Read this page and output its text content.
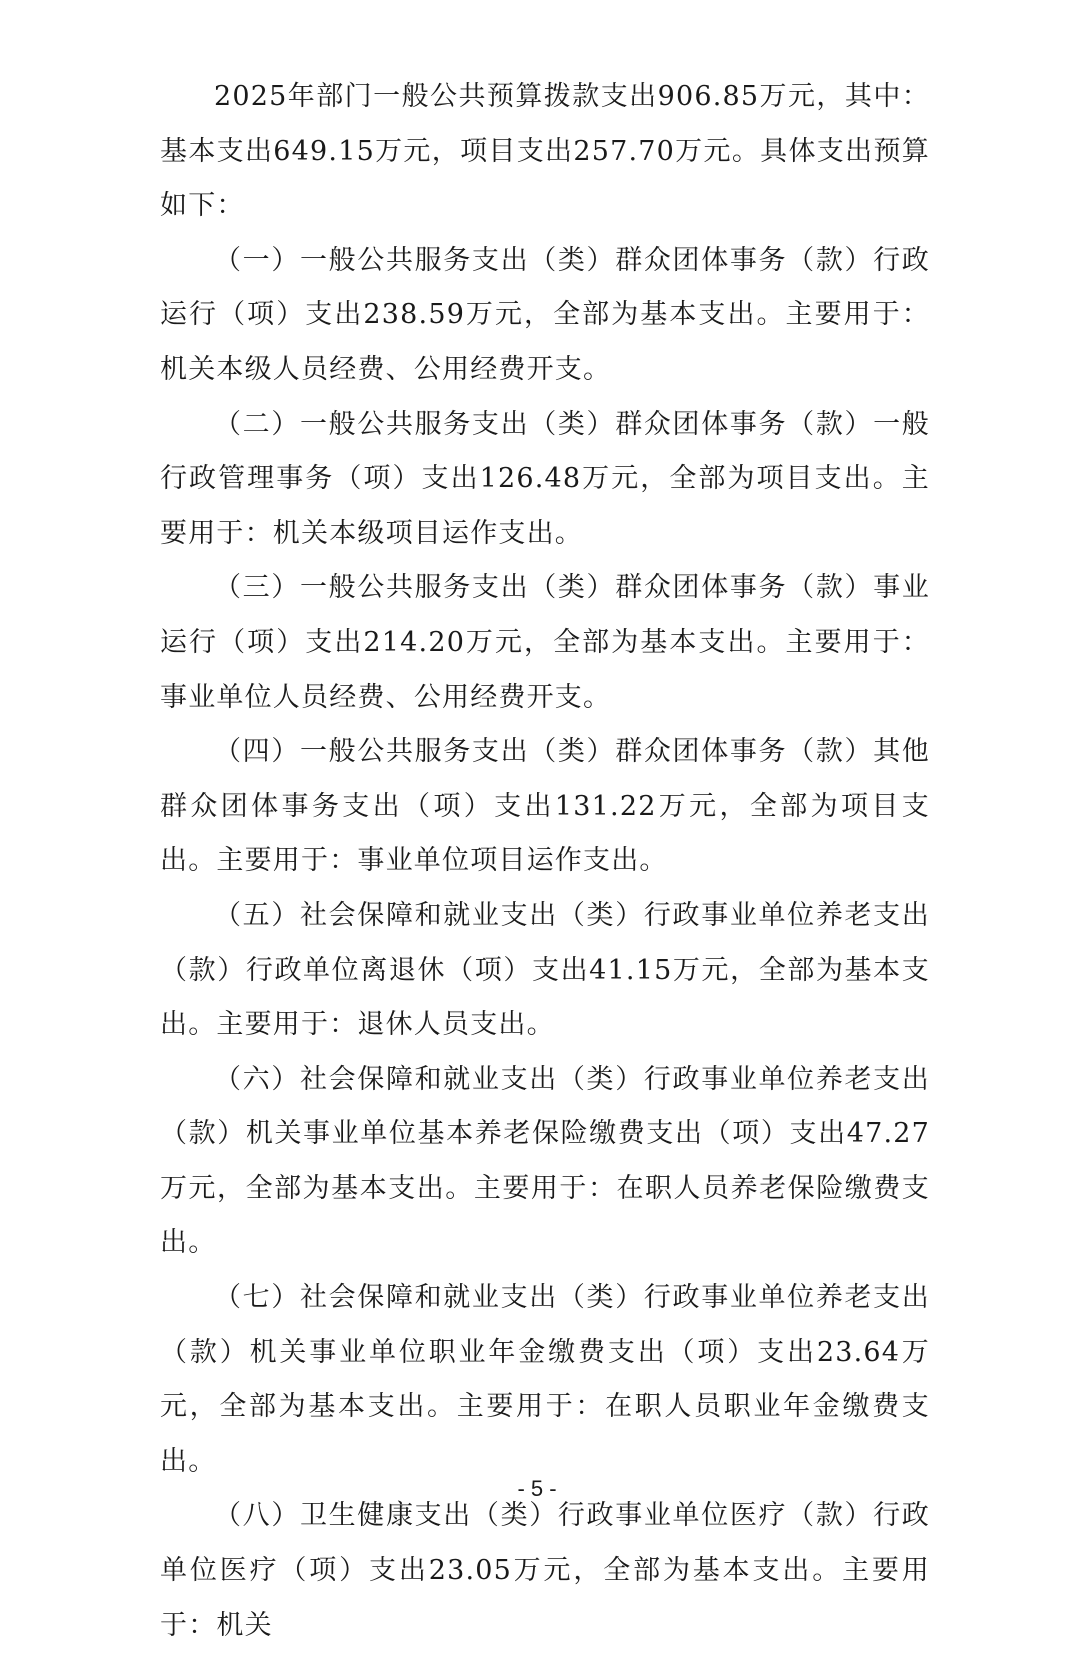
2025年部门一般公共预算拨款支出906.85万元，其中：基本支出649.15万元，项目支出257.70万元。具体支出预算如下：

（一）一般公共服务支出（类）群众团体事务（款）行政运行（项）支出238.59万元，全部为基本支出。主要用于：机关本级人员经费、公用经费开支。

（二）一般公共服务支出（类）群众团体事务（款）一般行政管理事务（项）支出126.48万元，全部为项目支出。主要用于：机关本级项目运作支出。

（三）一般公共服务支出（类）群众团体事务（款）事业运行（项）支出214.20万元，全部为基本支出。主要用于：事业单位人员经费、公用经费开支。

（四）一般公共服务支出（类）群众团体事务（款）其他群众团体事务支出（项）支出131.22万元，全部为项目支出。主要用于：事业单位项目运作支出。

（五）社会保障和就业支出（类）行政事业单位养老支出（款）行政单位离退休（项）支出41.15万元，全部为基本支出。主要用于：退休人员支出。

（六）社会保障和就业支出（类）行政事业单位养老支出（款）机关事业单位基本养老保险缴费支出（项）支出47.27万元，全部为基本支出。主要用于：在职人员养老保险缴费支出。

（七）社会保障和就业支出（类）行政事业单位养老支出（款）机关事业单位职业年金缴费支出（项）支出23.64万元，全部为基本支出。主要用于：在职人员职业年金缴费支出。

（八）卫生健康支出（类）行政事业单位医疗（款）行政单位医疗（项）支出23.05万元，全部为基本支出。主要用于：机关

- 5 -
